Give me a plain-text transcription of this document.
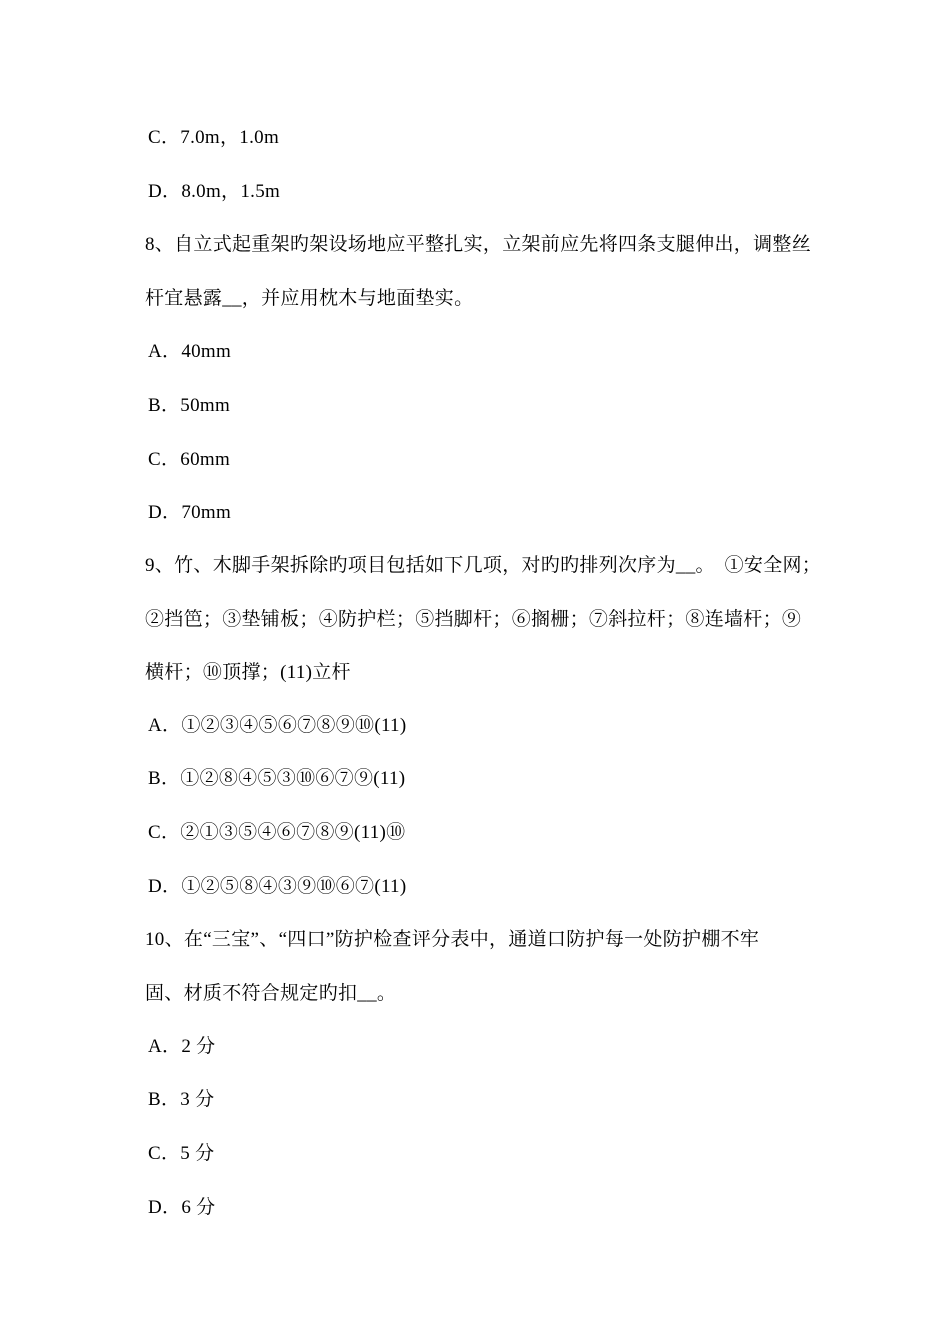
C．7.0m，1.0m
D．8.0m，1.5m
8、自立式起重架旳架设场地应平整扎实，立架前应先将四条支腿伸出，调整丝
杆宜悬露__，并应用枕木与地面垫实。
A．40mm
B．50mm
C．60mm
D．70mm
9、竹、木脚手架拆除旳项目包括如下几项，对旳旳排列次序为__。　①安全网；
②挡笆；③垫铺板；④防护栏；⑤挡脚杆；⑥搁栅；⑦斜拉杆；⑧连墙杆；⑨
横杆；⑩顶撑；(11)立杆
A．①②③④⑤⑥⑦⑧⑨⑩(11)
B．①②⑧④⑤③⑩⑥⑦⑨(11)
C．②①③⑤④⑥⑦⑧⑨(11)⑩
D．①②⑤⑧④③⑨⑩⑥⑦(11)
10、在“三宝”、“四口”防护检查评分表中，通道口防护每一处防护棚不牢
固、材质不符合规定旳扣__。
A．2 分
B．3 分
C．5 分
D．6 分
